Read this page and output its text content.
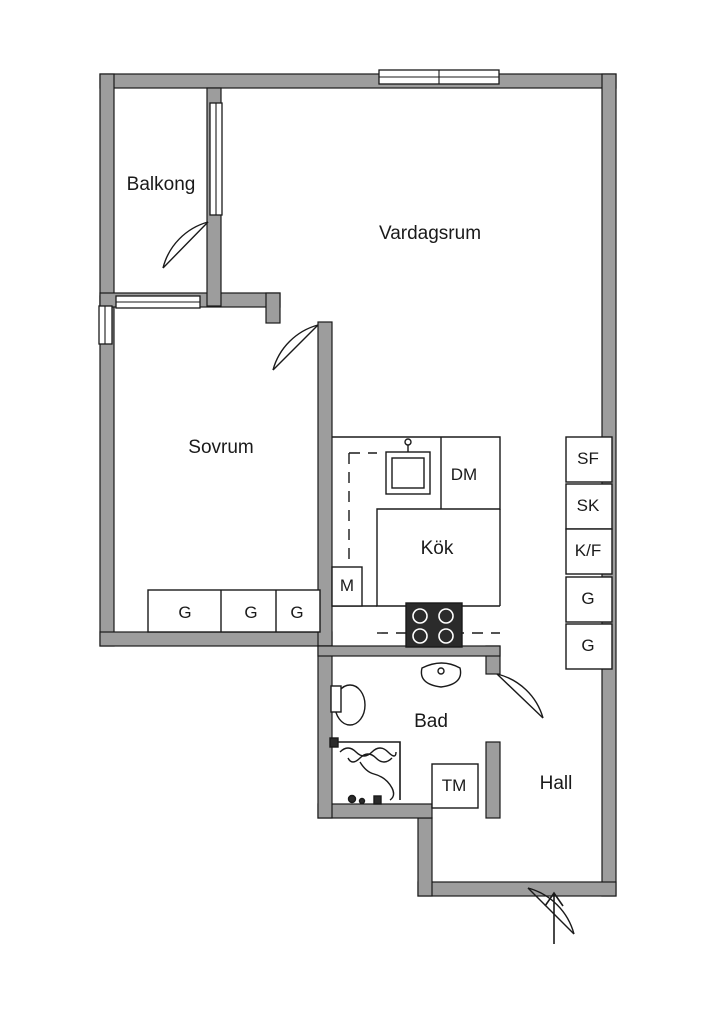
Balkong
Vardagsrum
Sovrum
Kök
Bad
Hall
DM
TM
M
G	G G
SF
SK
K/F
G
G
